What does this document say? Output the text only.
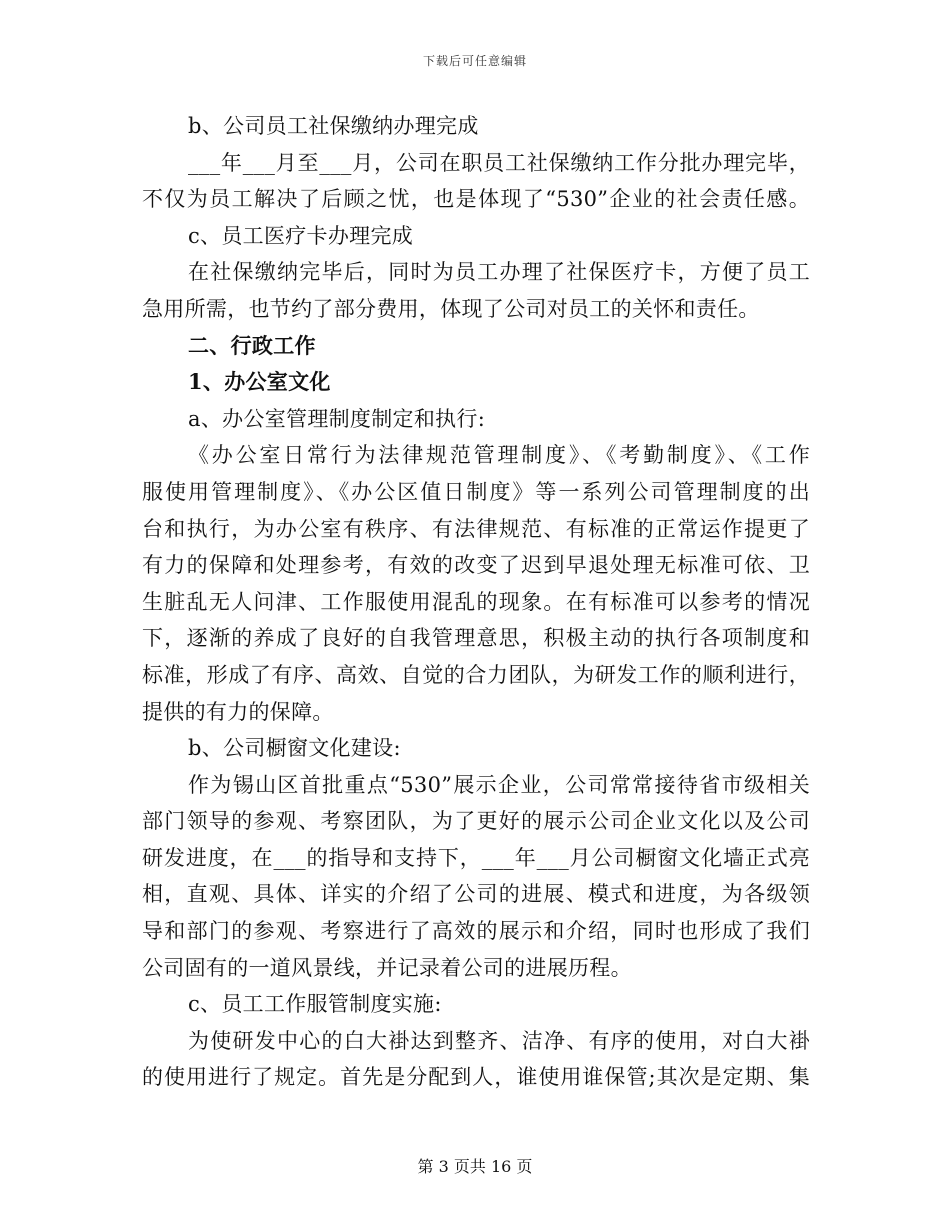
下载后可任意编辑
b、公司员工社保缴纳办理完成
___年___月至___月，公司在职员工社保缴纳工作分批办理完毕，
不仅为员工解决了后顾之忧，也是体现了“530”企业的社会责任感。
c、员工医疗卡办理完成
在社保缴纳完毕后，同时为员工办理了社保医疗卡，方便了员工
急用所需，也节约了部分费用，体现了公司对员工的关怀和责任。
二、行政工作
1、办公室文化
a、办公室管理制度制定和执行:
《办公室日常行为法律规范管理制度》、《考勤制度》、《工作
服使用管理制度》、《办公区值日制度》等一系列公司管理制度的出
台和执行，为办公室有秩序、有法律规范、有标准的正常运作提更了
有力的保障和处理参考，有效的改变了迟到早退处理无标准可依、卫
生脏乱无人问津、工作服使用混乱的现象。在有标准可以参考的情况
下，逐渐的养成了良好的自我管理意思，积极主动的执行各项制度和
标准，形成了有序、高效、自觉的合力团队，为研发工作的顺利进行，
提供的有力的保障。
b、公司橱窗文化建设:
作为锡山区首批重点“530”展示企业，公司常常接待省市级相关
部门领导的参观、考察团队，为了更好的展示公司企业文化以及公司
研发进度，在___的指导和支持下，___年___月公司橱窗文化墙正式亮
相，直观、具体、详实的介绍了公司的进展、模式和进度，为各级领
导和部门的参观、考察进行了高效的展示和介绍，同时也形成了我们
公司固有的一道风景线，并记录着公司的进展历程。
c、员工工作服管制度实施:
为使研发中心的白大褂达到整齐、洁净、有序的使用，对白大褂
的使用进行了规定。首先是分配到人，谁使用谁保管;其次是定期、集
第 3 页共 16 页
